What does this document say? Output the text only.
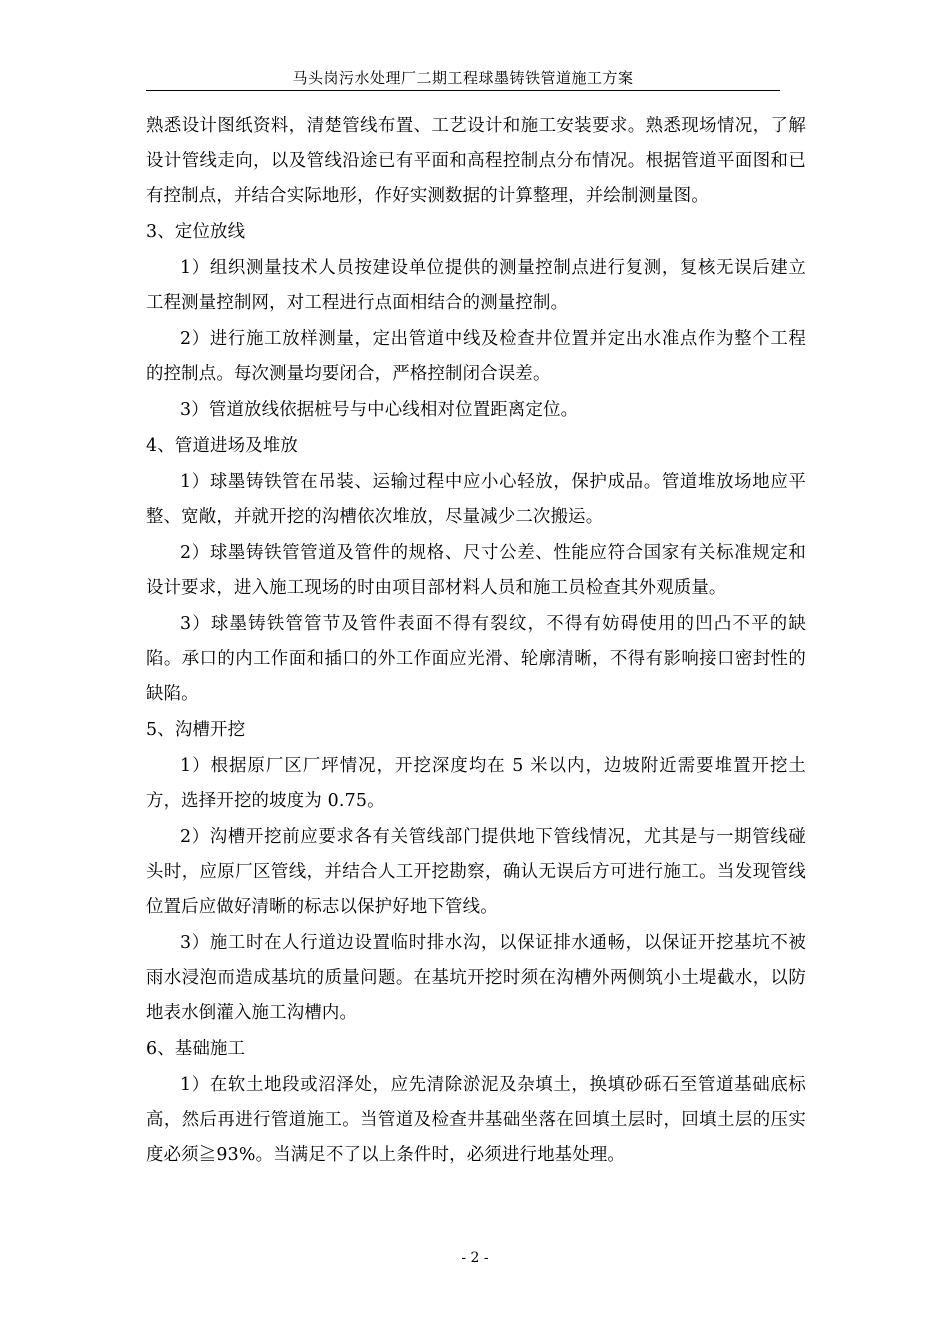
马头岗污水处理厂二期工程球墨铸铁管道施工方案

熟悉设计图纸资料，清楚管线布置、工艺设计和施工安装要求。熟悉现场情况，了解设计管线走向，以及管线沿途已有平面和高程控制点分布情况。根据管道平面图和已有控制点，并结合实际地形，作好实测数据的计算整理，并绘制测量图。

3、定位放线

1）组织测量技术人员按建设单位提供的测量控制点进行复测，复核无误后建立工程测量控制网，对工程进行点面相结合的测量控制。

2）进行施工放样测量，定出管道中线及检查井位置并定出水准点作为整个工程的控制点。每次测量均要闭合，严格控制闭合误差。

3）管道放线依据桩号与中心线相对位置距离定位。

4、管道进场及堆放

1）球墨铸铁管在吊装、运输过程中应小心轻放，保护成品。管道堆放场地应平整、宽敞，并就开挖的沟槽依次堆放，尽量减少二次搬运。

2）球墨铸铁管管道及管件的规格、尺寸公差、性能应符合国家有关标准规定和设计要求，进入施工现场的时由项目部材料人员和施工员检查其外观质量。

3）球墨铸铁管管节及管件表面不得有裂纹，不得有妨碍使用的凹凸不平的缺陷。承口的内工作面和插口的外工作面应光滑、轮廓清晰，不得有影响接口密封性的缺陷。

5、沟槽开挖

1）根据原厂区厂坪情况，开挖深度均在 5 米以内，边坡附近需要堆置开挖土方，选择开挖的坡度为 0.75。

2）沟槽开挖前应要求各有关管线部门提供地下管线情况，尤其是与一期管线碰头时，应原厂区管线，并结合人工开挖勘察，确认无误后方可进行施工。当发现管线位置后应做好清晰的标志以保护好地下管线。

3）施工时在人行道边设置临时排水沟，以保证排水通畅，以保证开挖基坑不被雨水浸泡而造成基坑的质量问题。在基坑开挖时须在沟槽外两侧筑小土堤截水，以防地表水倒灌入施工沟槽内。

6、基础施工

1）在软土地段或沼泽处，应先清除淤泥及杂填土，换填砂砾石至管道基础底标高，然后再进行管道施工。当管道及检查井基础坐落在回填土层时，回填土层的压实度必须≧93%。当满足不了以上条件时，必须进行地基处理。

- 2 -
